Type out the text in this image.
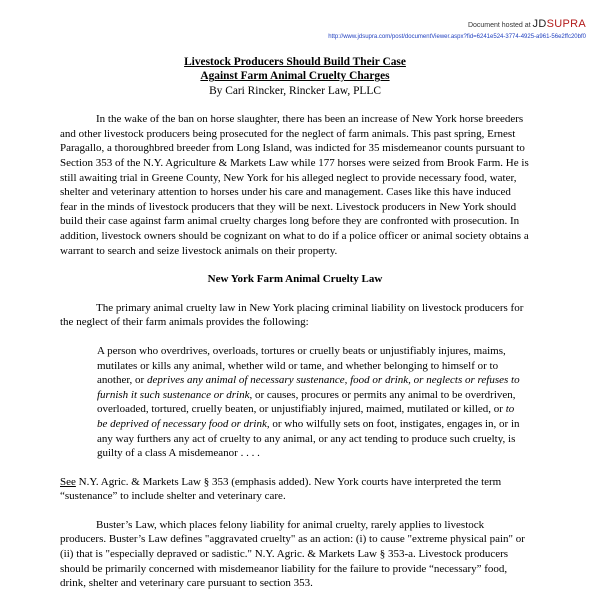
Document hosted at JDSUPRA
http://www.jdsupra.com/post/documentViewer.aspx?fid=6241e524-3774-4925-a961-56e2ffc20bf0
Livestock Producers Should Build Their Case
Against Farm Animal Cruelty Charges
By Cari Rincker, Rincker Law, PLLC

In the wake of the ban on horse slaughter, there has been an increase of New York horse breeders and other livestock producers being prosecuted for the neglect of farm animals. This past spring, Ernest Paragallo, a thoroughbred breeder from Long Island, was indicted for 35 misdemeanor counts pursuant to Section 353 of the N.Y. Agriculture & Markets Law while 177 horses were seized from Brook Farm. He is still awaiting trial in Greene County, New York for his alleged neglect to provide necessary food, water, shelter and veterinary attention to horses under his care and management. Cases like this have induced fear in the minds of livestock producers that they will be next. Livestock producers in New York should build their case against farm animal cruelty charges long before they are confronted with prosecution. In addition, livestock owners should be cognizant on what to do if a police officer or animal society obtains a warrant to search and seize livestock animals on their property.

New York Farm Animal Cruelty Law

The primary animal cruelty law in New York placing criminal liability on livestock producers for the neglect of their farm animals provides the following:

A person who overdrives, overloads, tortures or cruelly beats or unjustifiably injures, maims, mutilates or kills any animal, whether wild or tame, and whether belonging to himself or to another, or deprives any animal of necessary sustenance, food or drink, or neglects or refuses to furnish it such sustenance or drink, or causes, procures or permits any animal to be overdriven, overloaded, tortured, cruelly beaten, or unjustifiably injured, maimed, mutilated or killed, or to be deprived of necessary food or drink, or who wilfully sets on foot, instigates, engages in, or in any way furthers any act of cruelty to any animal, or any act tending to produce such cruelty, is guilty of a class A misdemeanor . . . .

See N.Y. Agric. & Markets Law § 353 (emphasis added). New York courts have interpreted the term “sustenance” to include shelter and veterinary care.

Buster’s Law, which places felony liability for animal cruelty, rarely applies to livestock producers. Buster’s Law defines "aggravated cruelty" as an action: (i) to cause "extreme physical pain" or (ii) that is "especially depraved or sadistic." N.Y. Agric. & Markets Law § 353-a. Livestock producers should be primarily concerned with misdemeanor liability for the failure to provide “necessary” food, drink, shelter and veterinary care pursuant to section 353.
